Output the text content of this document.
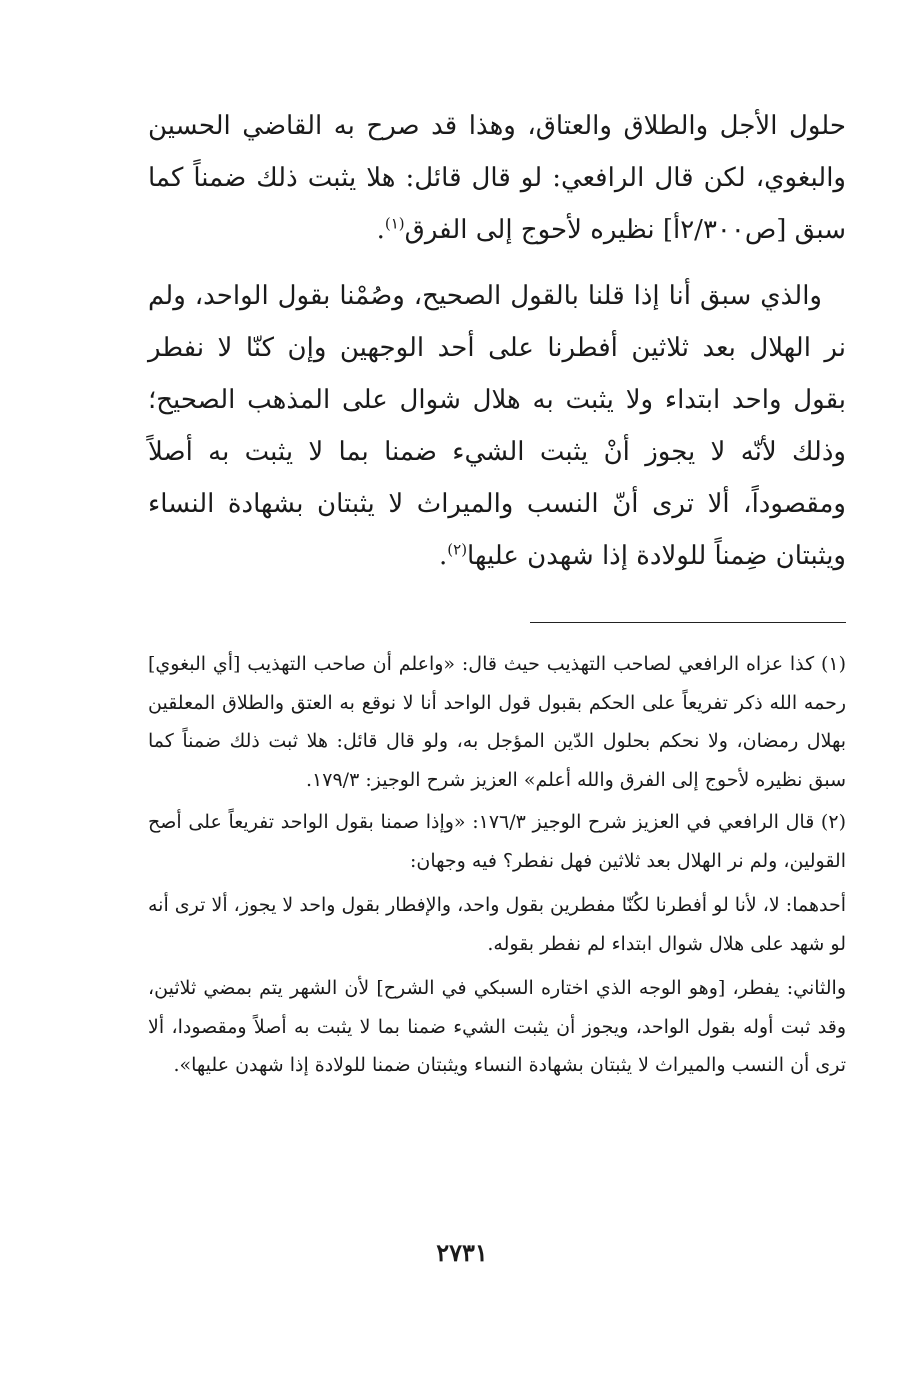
حلول الأجل والطلاق والعتاق، وهذا قد صرح به القاضي الحسين والبغوي، لكن قال الرافعي: لو قال قائل: هلا يثبت ذلك ضمناً كما سبق [ص٢/٣٠٠أ] نظيره لأحوج إلى الفرق$^{(١)}$.

والذي سبق أنا إذا قلنا بالقول الصحيح، وصُمْنا بقول الواحد، ولم نر الهلال بعد ثلاثين أفطرنا على أحد الوجهين وإن كنّا لا نفطر بقول واحد ابتداء ولا يثبت به هلال شوال على المذهب الصحيح؛ وذلك لأنّه لا يجوز أنْ يثبت الشيء ضمنا بما لا يثبت به أصلاً ومقصوداً، ألا ترى أنّ النسب والميراث لا يثبتان بشهادة النساء ويثبتان ضِمناً للولادة إذا شهدن عليها$^{(٢)}$.

(١) كذا عزاه الرافعي لصاحب التهذيب حيث قال: «واعلم أن صاحب التهذيب [أي البغوي] رحمه الله ذكر تفريعاً على الحكم بقبول قول الواحد أنا لا نوقع به العتق والطلاق المعلقين بهلال رمضان، ولا نحكم بحلول الدّين المؤجل به، ولو قال قائل: هلا ثبت ذلك ضمناً كما سبق نظيره لأحوج إلى الفرق والله أعلم» العزيز شرح الوجيز: ١٧٩/٣.

(٢) قال الرافعي في العزيز شرح الوجيز ١٧٦/٣: «وإذا صمنا بقول الواحد تفريعاً على أصح القولين، ولم نر الهلال بعد ثلاثين فهل نفطر؟ فيه وجهان:

أحدهما: لا، لأنا لو أفطرنا لكُنّا مفطرين بقول واحد، والإفطار بقول واحد لا يجوز، ألا ترى أنه لو شهد على هلال شوال ابتداء لم نفطر بقوله.

والثاني: يفطر، [وهو الوجه الذي اختاره السبكي في الشرح] لأن الشهر يتم بمضي ثلاثين، وقد ثبت أوله بقول الواحد، ويجوز أن يثبت الشيء ضمنا بما لا يثبت به أصلاً ومقصودا، ألا ترى أن النسب والميراث لا يثبتان بشهادة النساء ويثبتان ضمنا للولادة إذا شهدن عليها».

٢٧٣١
